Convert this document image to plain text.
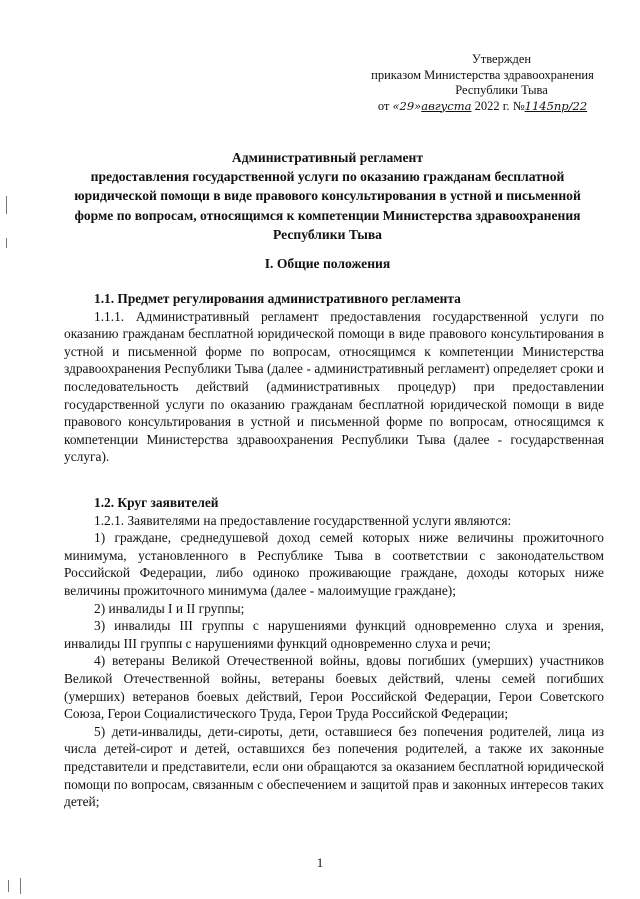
Утвержден
приказом Министерства здравоохранения
Республики Тыва
от «29»августа 2022 г. №1145пр/22
Административный регламент
предоставления государственной услуги по оказанию гражданам бесплатной юридической помощи в виде правового консультирования в устной и письменной форме по вопросам, относящимся к компетенции Министерства здравоохранения Республики Тыва
I. Общие положения

1.1. Предмет регулирования административного регламента

1.1.1. Административный регламент предоставления государственной услуги по оказанию гражданам бесплатной юридической помощи в виде правового консультирования в устной и письменной форме по вопросам, относящимся к компетенции Министерства здравоохранения Республики Тыва (далее - административный регламент) определяет сроки и последовательность действий (административных процедур) при предоставлении государственной услуги по оказанию гражданам бесплатной юридической помощи в виде правового консультирования в устной и письменной форме по вопросам, относящимся к компетенции Министерства здравоохранения Республики Тыва (далее - государственная услуга).

1.2. Круг заявителей

1.2.1. Заявителями на предоставление государственной услуги являются:

1) граждане, среднедушевой доход семей которых ниже величины прожиточного минимума, установленного в Республике Тыва в соответствии с законодательством Российской Федерации, либо одиноко проживающие граждане, доходы которых ниже величины прожиточного минимума (далее - малоимущие граждане);

2) инвалиды I и II группы;

3) инвалиды III группы с нарушениями функций одновременно слуха и зрения, инвалиды III группы с нарушениями функций одновременно слуха и речи;

4) ветераны Великой Отечественной войны, вдовы погибших (умерших) участников Великой Отечественной войны, ветераны боевых действий, члены семей погибших (умерших) ветеранов боевых действий, Герои Российской Федерации, Герои Советского Союза, Герои Социалистического Труда, Герои Труда Российской Федерации;

5) дети-инвалиды, дети-сироты, дети, оставшиеся без попечения родителей, лица из числа детей-сирот и детей, оставшихся без попечения родителей, а также их законные представители и представители, если они обращаются за оказанием бесплатной юридической помощи по вопросам, связанным с обеспечением и защитой прав и законных интересов таких детей;

1
